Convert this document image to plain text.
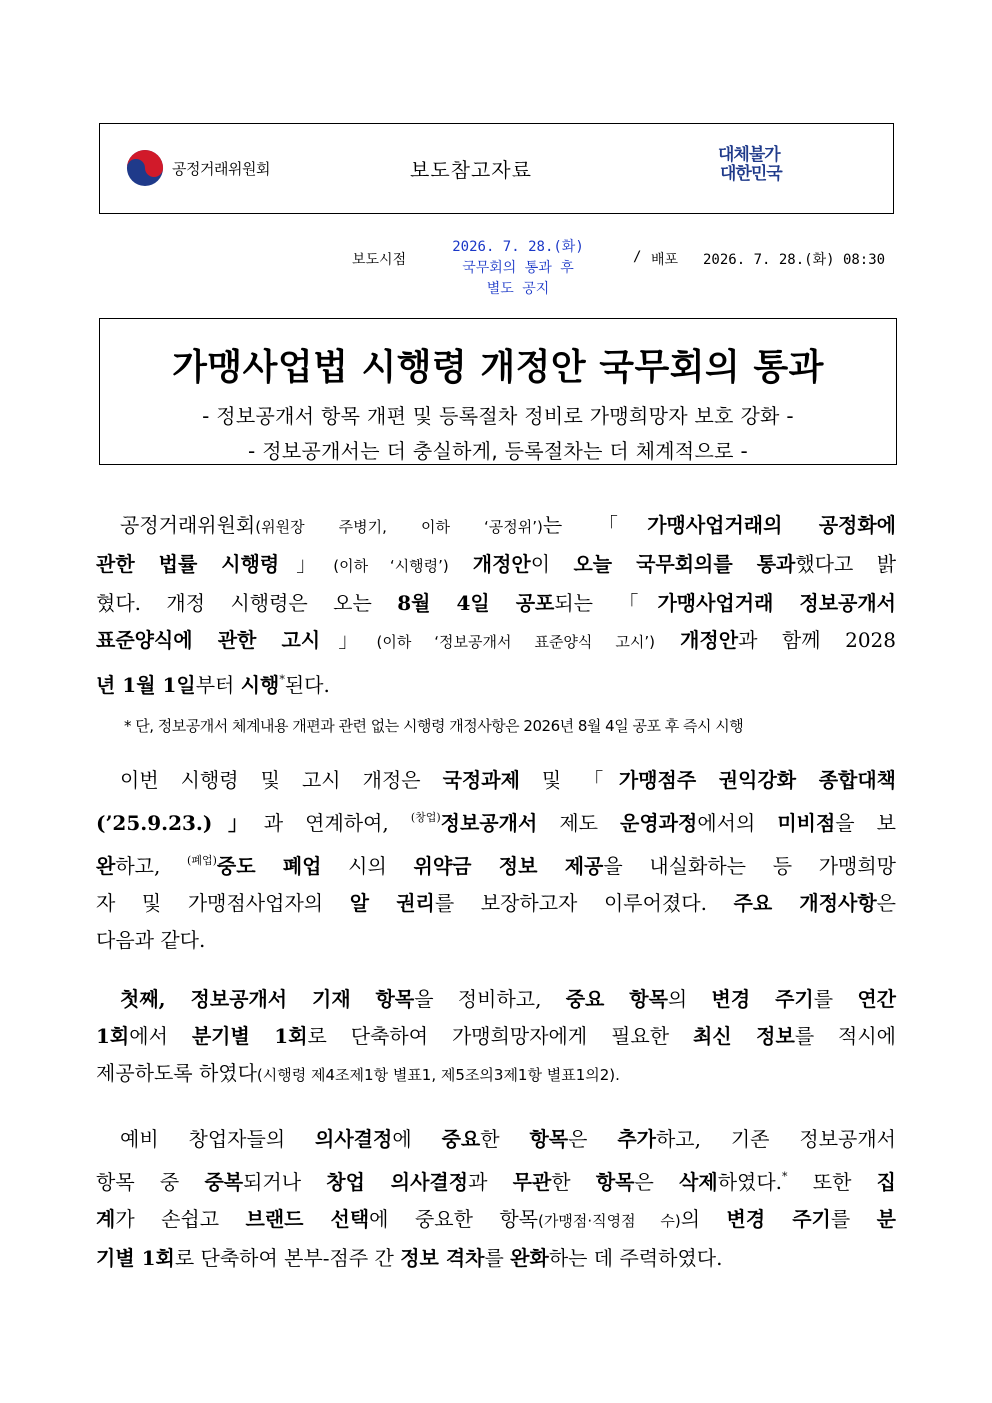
공정거래위원회	보도참고자료
대체불가
대한민국
보도시점
2026. 7. 28.(화)
국무회의 통과 후
별도 공지
/ 배포 2026. 7. 28.(화) 08:30
가맹사업법 시행령 개정안 국무회의 통과
- 정보공개서 항목 개편 및 등록절차 정비로 가맹희망자 보호 강화 -
- 정보공개서는 더 충실하게, 등록절차는 더 체계적으로 -
공정거래위원회(위원장 주병기, 이하 ‘공정위’)는 「가맹사업거래의 공정화에
관한 법률 시행령」(이하 ‘시행령’) 개정안이 오늘 국무회의를 통과했다고 밝
혔다. 개정 시행령은 오는 8월 4일 공포되는 「가맹사업거래 정보공개서
표준양식에 관한 고시」(이하 ‘정보공개서 표준양식 고시’) 개정안과 함께 2028
년 1월 1일부터 시행*된다.
* 단, 정보공개서 체계내용 개편과 관련 없는 시행령 개정사항은 2026년 8월 4일 공포 후 즉시 시행
이번 시행령 및 고시 개정은 국정과제 및 「가맹점주 권익강화 종합대책
(’25.9.23.)」과 연계하여, $^{(창업)}$정보공개서 제도 운영과정에서의 미비점을 보
완하고, $^{(폐업)}$중도 폐업 시의 위약금 정보 제공을 내실화하는 등 가맹희망
자 및 가맹점사업자의 알 권리를 보장하고자 이루어졌다. 주요 개정사항은
다음과 같다.
첫째, 정보공개서 기재 항목을 정비하고, 중요 항목의 변경 주기를 연간
1회에서 분기별 1회로 단축하여 가맹희망자에게 필요한 최신 정보를 적시에
제공하도록 하였다(시행령 제4조제1항 별표1, 제5조의3제1항 별표1의2).
예비 창업자들의 의사결정에 중요한 항목은 추가하고, 기존 정보공개서
항목 중 중복되거나 창업 의사결정과 무관한 항목은 삭제하였다.* 또한 집
계가 손쉽고 브랜드 선택에 중요한 항목(가맹점·직영점 수)의 변경 주기를 분
기별 1회로 단축하여 본부-점주 간 정보 격차를 완화하는 데 주력하였다.
